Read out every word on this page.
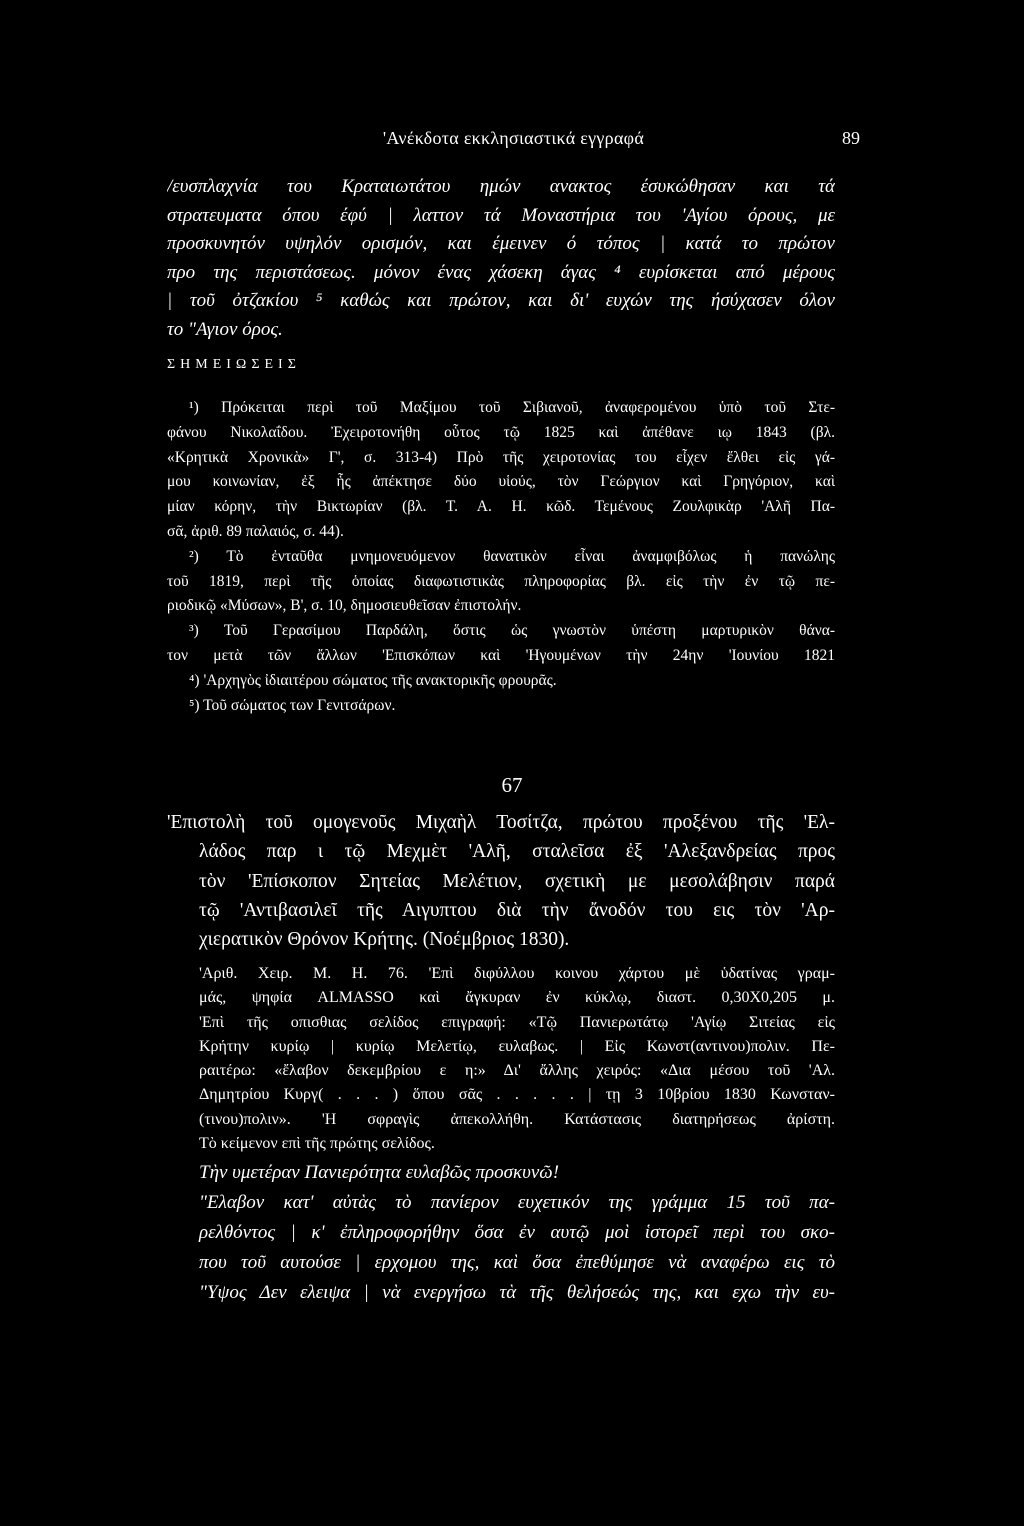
'Ανέκδοτα εκκλησιαστικά εγγραφά	89
/ευσπλαχνία του Κραταιωτάτου ημών ανακτος έσυκώθησαν και τά
στρατευματα όπου έφύ | λαττον τά Μοναστήρια του 'Αγίου όρους, με
προσκυνητόν υψηλόν ορισμόν, και έμεινεν ό τόπος | κατά το πρώτον
προ της περιστάσεως. μόνον ένας χάσεκη άγας ⁴ ευρίσκεται από μέρους
| τοῦ ὀτζακίου ⁵ καθώς και πρώτον, και δι' ευχών της ήσύχασεν όλον
το "Αγιον όρος.
ΣΗΜΕΙΩΣΕΙΣ
¹) Πρόκειται περὶ τοῦ Μαξίμου τοῦ Σιβιανοῦ, ἀναφερομένου ὑπὸ τοῦ Στε-
φάνου Νικολαΐδου. Ἐχειροτονήθη οὗτος τῷ 1825 καὶ ἀπέθανε ιῳ 1843 (βλ.
«Κρητικὰ Χρονικὰ» Γ', σ. 313-4) Πρὸ τῆς χειροτονίας του εἶχεν ἔλθει εἰς γά-
μου κοινωνίαν, ἐξ ἧς ἀπέκτησε δύο υἱούς, τὸν Γεώργιον καὶ Γρηγόριον, καὶ
μίαν κόρην, τὴν Βικτωρίαν (βλ. Τ. Α. Η. κῶδ. Τεμένους Ζουλφικὰρ 'Αλῆ Πα-
σᾶ, ἀριθ. 89 παλαιός, σ. 44).
²) Τὸ ἐνταῦθα μνημονευόμενον θανατικὸν εἶναι ἀναμφιβόλως ἡ πανώλης
τοῦ 1819, περὶ τῆς ὁποίας διαφωτιστικὰς πληροφορίας βλ. εἰς τὴν ἐν τῷ πε-
ριοδικῷ «Μύσων», Β', σ. 10, δημοσιευθεῖσαν ἐπιστολήν.
³) Τοῦ Γερασίμου Παρδάλη, ὅστις ὡς γνωστὸν ὑπέστη μαρτυρικὸν θάνα-
τον μετὰ τῶν ἄλλων 'Επισκόπων καὶ 'Ηγουμένων τὴν 24ην 'Ιουνίου 1821
⁴) 'Αρχηγὸς ἰδιαιτέρου σώματος τῆς ανακτορικῆς φρουρᾶς.
⁵) Τοῦ σώματος των Γενιτσάρων.
67
'Επιστολὴ τοῦ ομογενοῦς Μιχαὴλ Τοσίτζα, πρώτου προξένου τῆς 'Ελ-
λάδος παρ ι τῷ Μεχμὲτ 'Αλῆ, σταλεῖσα ἐξ 'Αλεξανδρείας προς
τὸν 'Επίσκοπον Σητείας Μελέτιον, σχετικὴ με μεσολάβησιν παρά
τῷ 'Αντιβασιλεῖ τῆς Αιγυπτου διὰ τὴν ἄνοδόν του εις τὸν 'Αρ-
χιερατικὸν Θρόνον Κρήτης. (Νοέμβριος 1830).
'Αριθ. Χειρ. Μ. Η. 76. 'Επὶ διφύλλου κοινου χάρτου μὲ ὑδατίνας γραμ-
μάς, ψηφία ALMASSO καὶ ἄγκυραν ἐν κύκλῳ, διαστ. 0,30X0,205 μ.
'Επὶ τῆς οπισθιας σελίδος επιγραφή: «Τῷ Πανιερωτάτῳ 'Αγίῳ Σιτείας εἰς
Κρήτην κυρίῳ | κυρίῳ Μελετίῳ, ευλαβως. | Εἰς Κωνστ(αντινου)πολιν. Πε-
ραιτέρω: «ἔλαβον δεκεμβρίου ε η:» Δι' ἄλλης χειρός: «Δια μέσου τοῦ 'Αλ.
Δημητρίου Κυργ( . . . ) ὅπου σᾶς . . . . . | τῃ 3 10βρίου 1830 Κωνσταν-
(τινου)πολιν». 'Η σφραγὶς ἀπεκολλήθη. Κατάστασις διατηρήσεως ἀρίστη.
Τὸ κείμενον επὶ τῆς πρώτης σελίδος.
Τὴν υμετέραν Πανιερότητα ευλαβῶς προσκυνῶ!
"Ελαβον κατ' αὐτὰς τὸ πανίερον ευχετικόν της γράμμα 15 τοῦ πα-
ρελθόντος | κ' ἐπληροφορήθην ὅσα ἐν αυτῷ μοὶ ἱστορεῖ περὶ του σκο-
που τοῦ αυτούσε | ερχομου της, καὶ ὅσα ἐπεθύμησε νὰ αναφέρω εις τὸ
"Υψος Δεν ελειψα | νὰ ενεργήσω τὰ τῆς θελήσεώς της, και εχω τὴν ευ-
